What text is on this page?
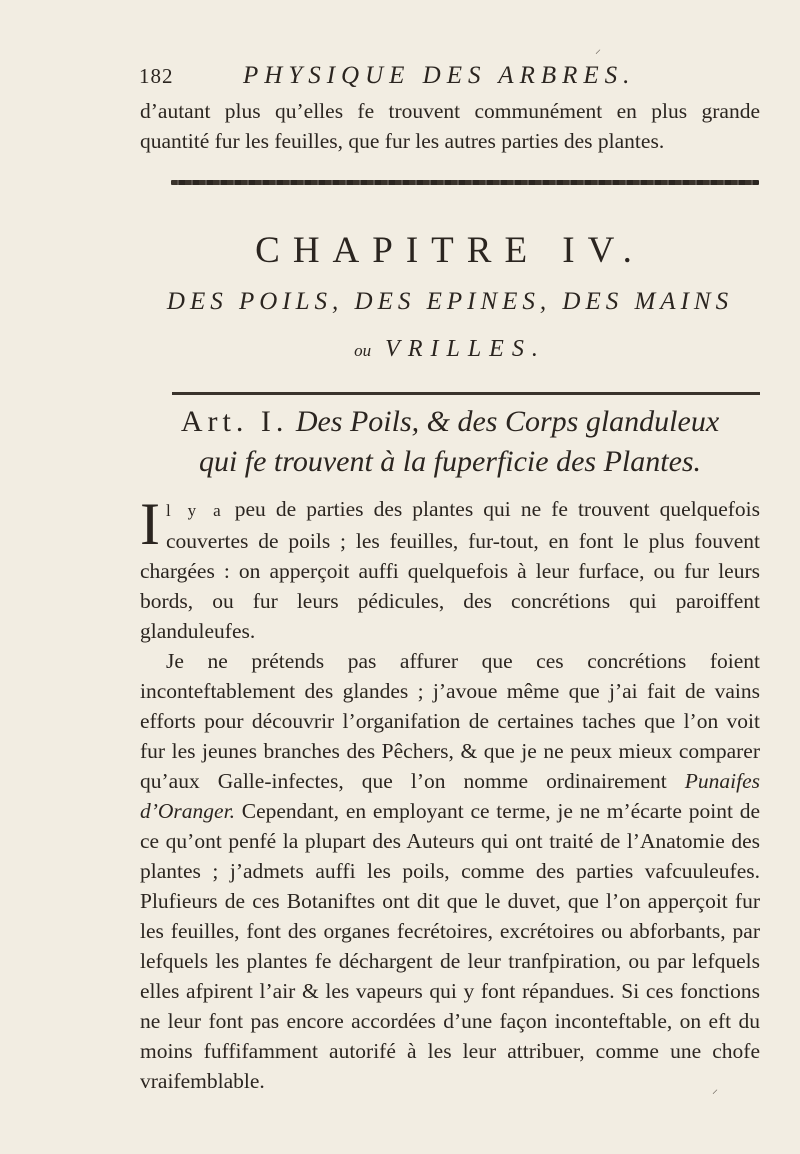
⸝
182	PHYSIQUE DES ARBRES.
d’autant plus qu’elles fe trouvent communément en plus grande quantité fur les feuilles, que fur les autres parties des plantes.
CHAPITRE IV.
DES POILS, DES EPINES, DES MAINS
ou VRILLES.
Art. I. Des Poils, & des Corps glanduleux
qui fe trouvent à la fuperficie des Plantes.

Il y a peu de parties des plantes qui ne fe trouvent quelquefois couvertes de poils ; les feuilles, fur-tout, en font le plus fouvent chargées : on apperçoit auffi quelquefois à leur furface, ou fur leurs bords, ou fur leurs pédicules, des concrétions qui paroiffent glanduleufes.

Je ne prétends pas affurer que ces concrétions foient inconteftablement des glandes ; j’avoue même que j’ai fait de vains efforts pour découvrir l’organifation de certaines taches que l’on voit fur les jeunes branches des Pêchers, & que je ne peux mieux comparer qu’aux Galle-infectes, que l’on nomme ordinairement Punaifes d’Oranger. Cependant, en employant ce terme, je ne m’écarte point de ce qu’ont penfé la plupart des Auteurs qui ont traité de l’Anatomie des plantes ; j’admets auffi les poils, comme des parties vafcuuleufes. Plufieurs de ces Botaniftes ont dit que le duvet, que l’on apperçoit fur les feuilles, font des organes fecrétoires, excrétoires ou abforbants, par lefquels les plantes fe déchargent de leur tranfpiration, ou par lefquels elles afpirent l’air & les vapeurs qui y font répandues. Si ces fonctions ne leur font pas encore accordées d’une façon inconteftable, on eft du moins fuffifamment autorifé à les leur attribuer, comme une chofe vraifemblable.	⸝
